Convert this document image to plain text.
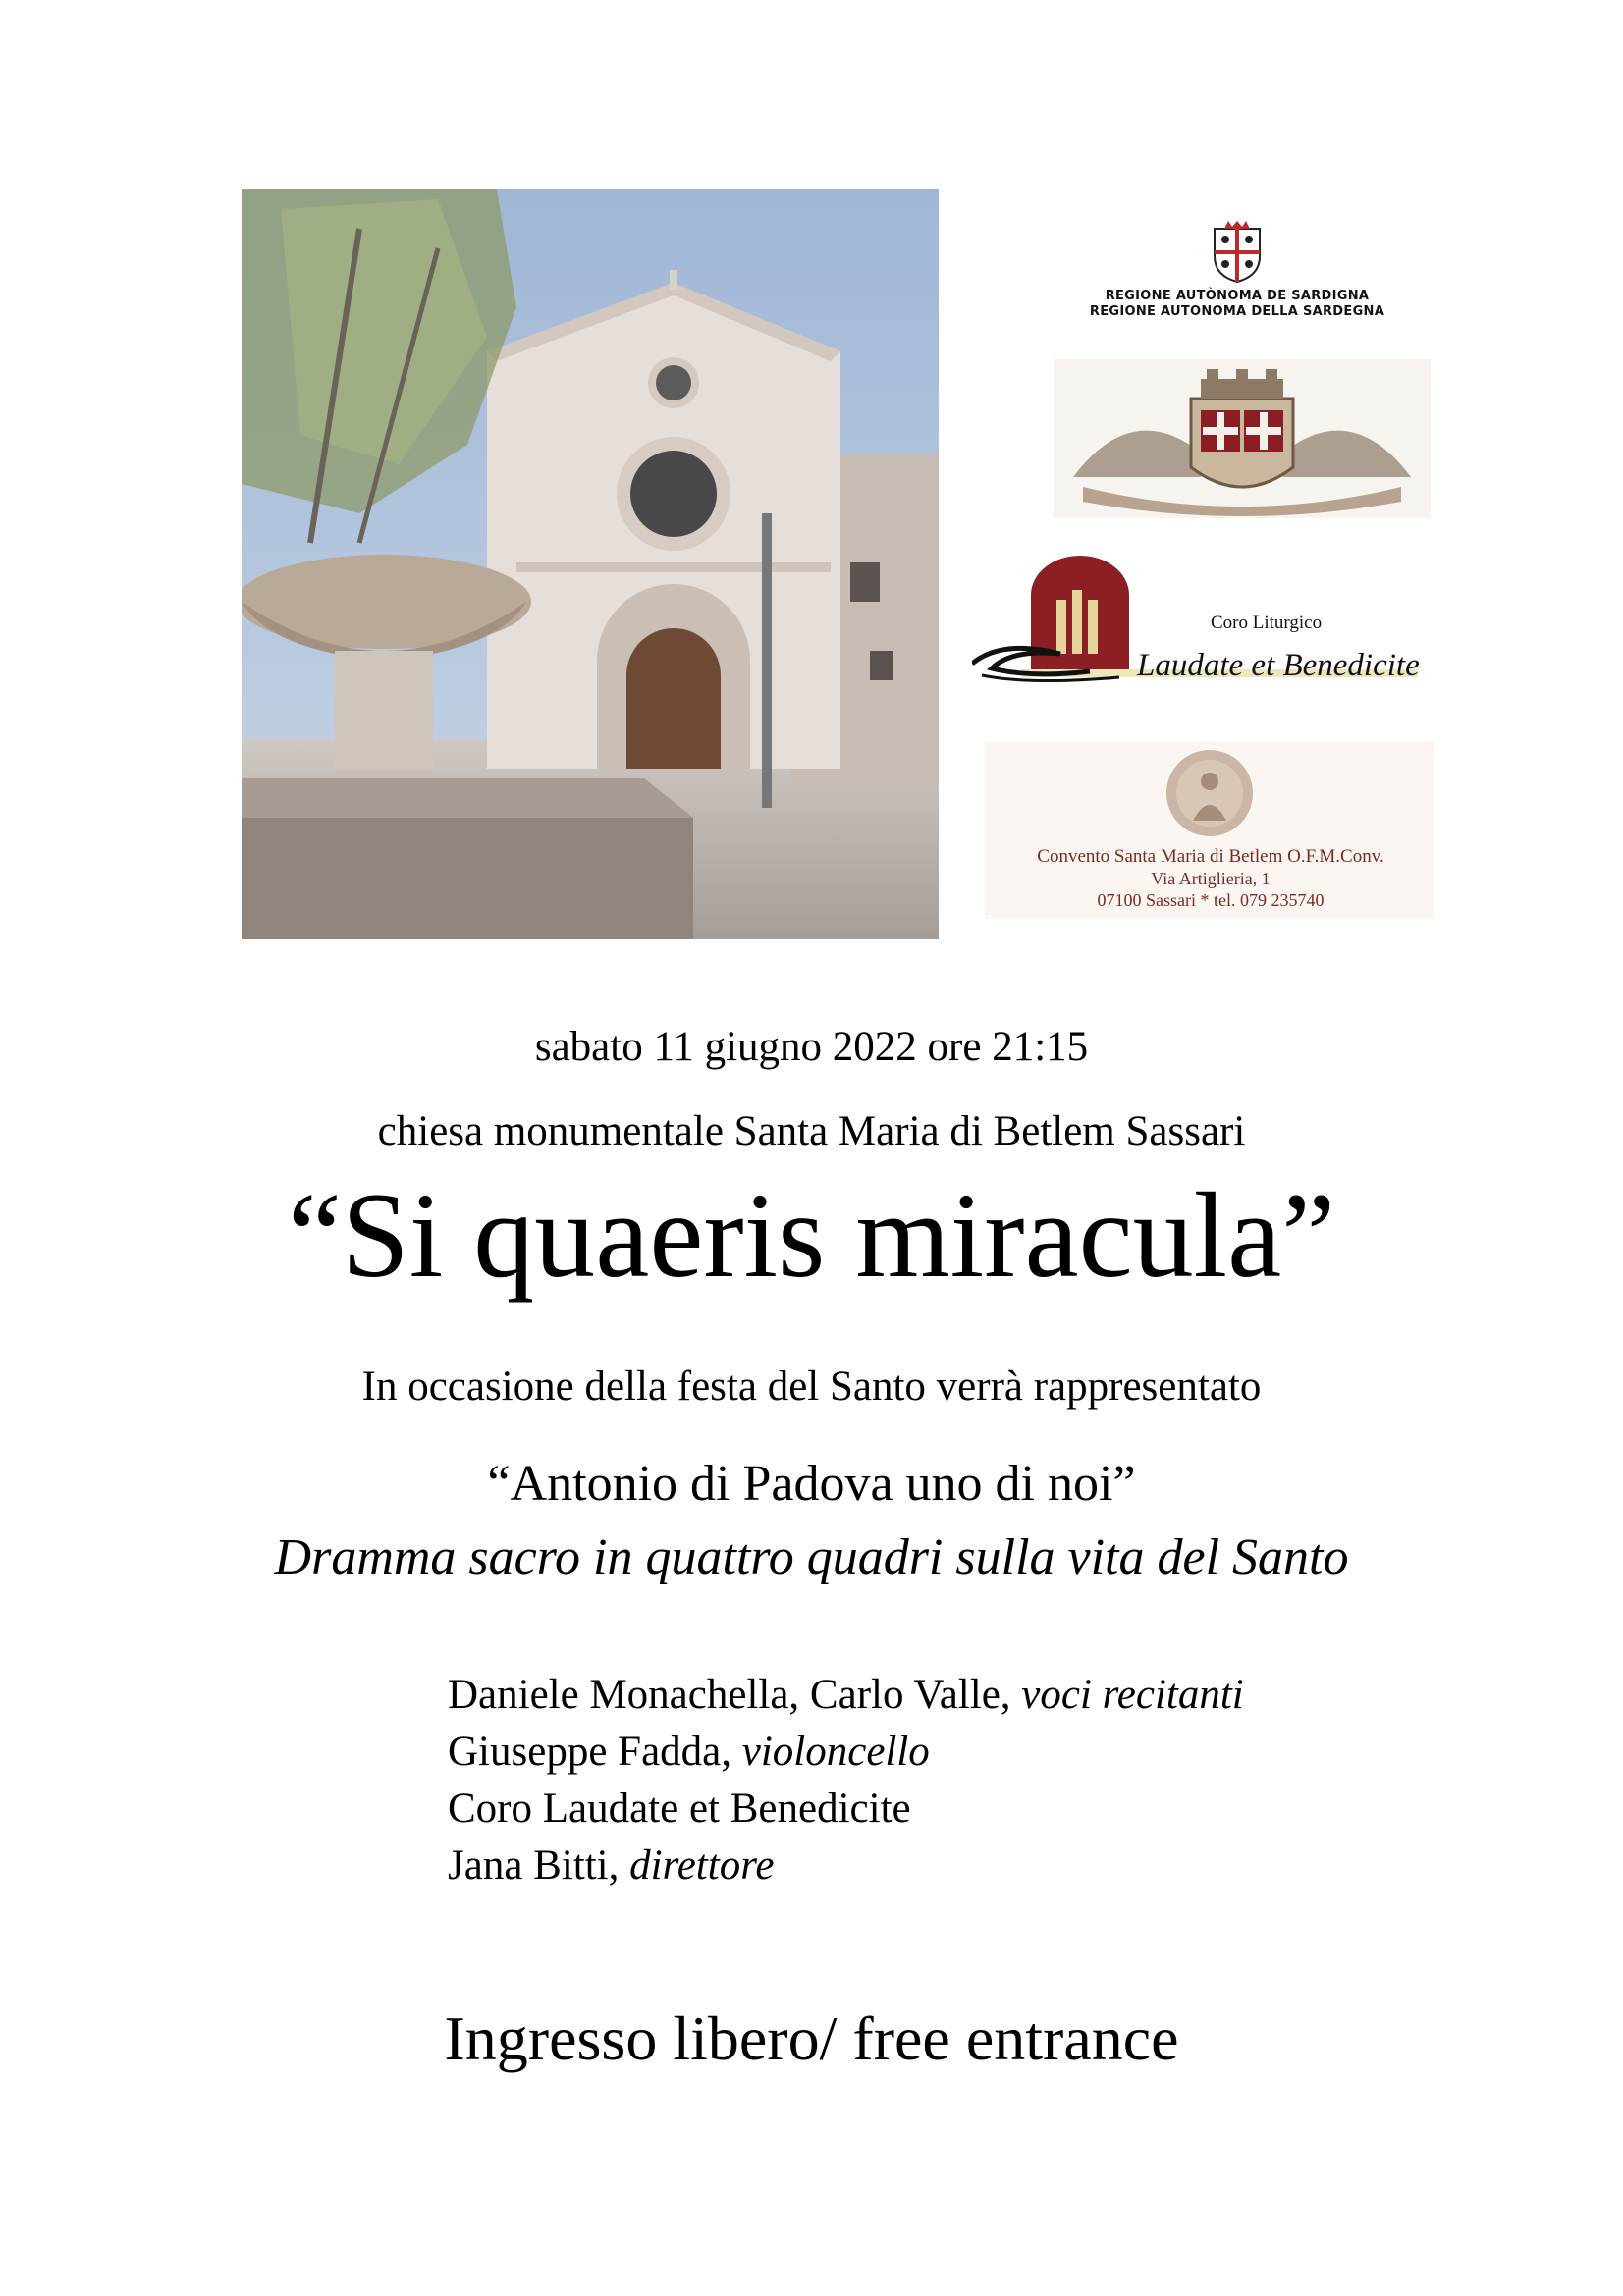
REGIONE AUTÒNOMA DE SARDIGNA
REGIONE AUTONOMA DELLA SARDEGNA
Coro Liturgico
Laudate et Benedicite
Convento Santa Maria di Betlem O.F.M.Conv.
Via Artiglieria, 1
07100 Sassari * tel. 079 235740
sabato 11 giugno 2022 ore 21:15
chiesa monumentale Santa Maria di Betlem Sassari
“Si quaeris miracula”
In occasione della festa del Santo verrà rappresentato
“Antonio di Padova uno di noi”
Dramma sacro in quattro quadri sulla vita del Santo
Daniele Monachella, Carlo Valle, voci recitanti
Giuseppe Fadda, violoncello
Coro Laudate et Benedicite
Jana Bitti, direttore
Ingresso libero/ free entrance
